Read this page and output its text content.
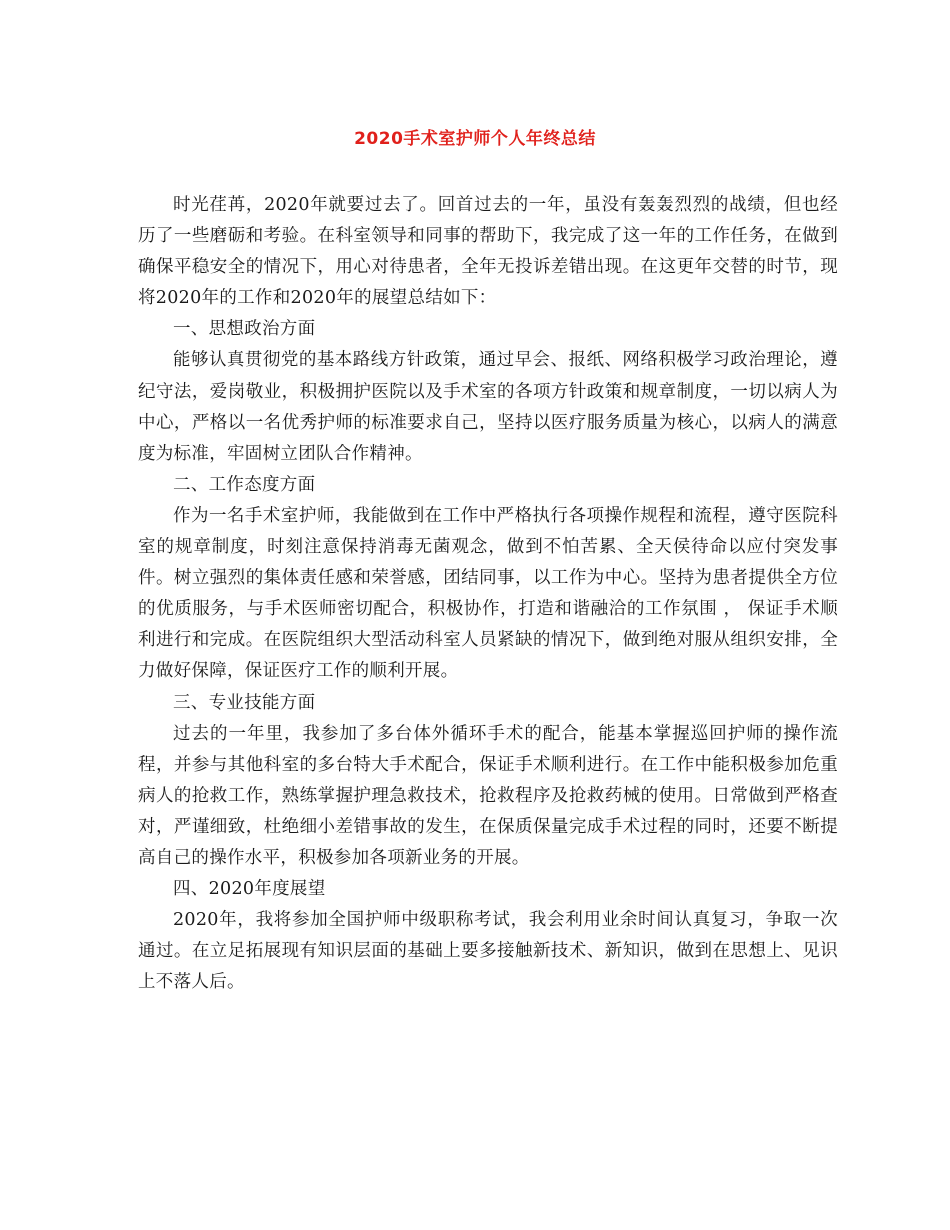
2020手术室护师个人年终总结

时光荏苒，2020年就要过去了。回首过去的一年，虽没有轰轰烈烈的战绩，但也经历了一些磨砺和考验。在科室领导和同事的帮助下，我完成了这一年的工作任务，在做到确保平稳安全的情况下，用心对待患者，全年无投诉差错出现。在这更年交替的时节，现将2020年的工作和2020年的展望总结如下：

一、思想政治方面

能够认真贯彻党的基本路线方针政策，通过早会、报纸、网络积极学习政治理论，遵纪守法，爱岗敬业，积极拥护医院以及手术室的各项方针政策和规章制度，一切以病人为中心，严格以一名优秀护师的标准要求自己，坚持以医疗服务质量为核心，以病人的满意度为标准，牢固树立团队合作精神。

二、工作态度方面

作为一名手术室护师，我能做到在工作中严格执行各项操作规程和流程，遵守医院科室的规章制度，时刻注意保持消毒无菌观念，做到不怕苦累、全天侯待命以应付突发事件。树立强烈的集体责任感和荣誉感，团结同事，以工作为中心。坚持为患者提供全方位的优质服务，与手术医师密切配合，积极协作，打造和谐融洽的工作氛围 ， 保证手术顺利进行和完成。在医院组织大型活动科室人员紧缺的情况下，做到绝对服从组织安排，全力做好保障，保证医疗工作的顺利开展。

三、专业技能方面

过去的一年里，我参加了多台体外循环手术的配合，能基本掌握巡回护师的操作流程，并参与其他科室的多台特大手术配合，保证手术顺利进行。在工作中能积极参加危重病人的抢救工作，熟练掌握护理急救技术，抢救程序及抢救药械的使用。日常做到严格查对，严谨细致，杜绝细小差错事故的发生，在保质保量完成手术过程的同时，还要不断提高自己的操作水平，积极参加各项新业务的开展。

四、2020年度展望

2020年，我将参加全国护师中级职称考试，我会利用业余时间认真复习，争取一次通过。在立足拓展现有知识层面的基础上要多接触新技术、新知识，做到在思想上、见识上不落人后。
